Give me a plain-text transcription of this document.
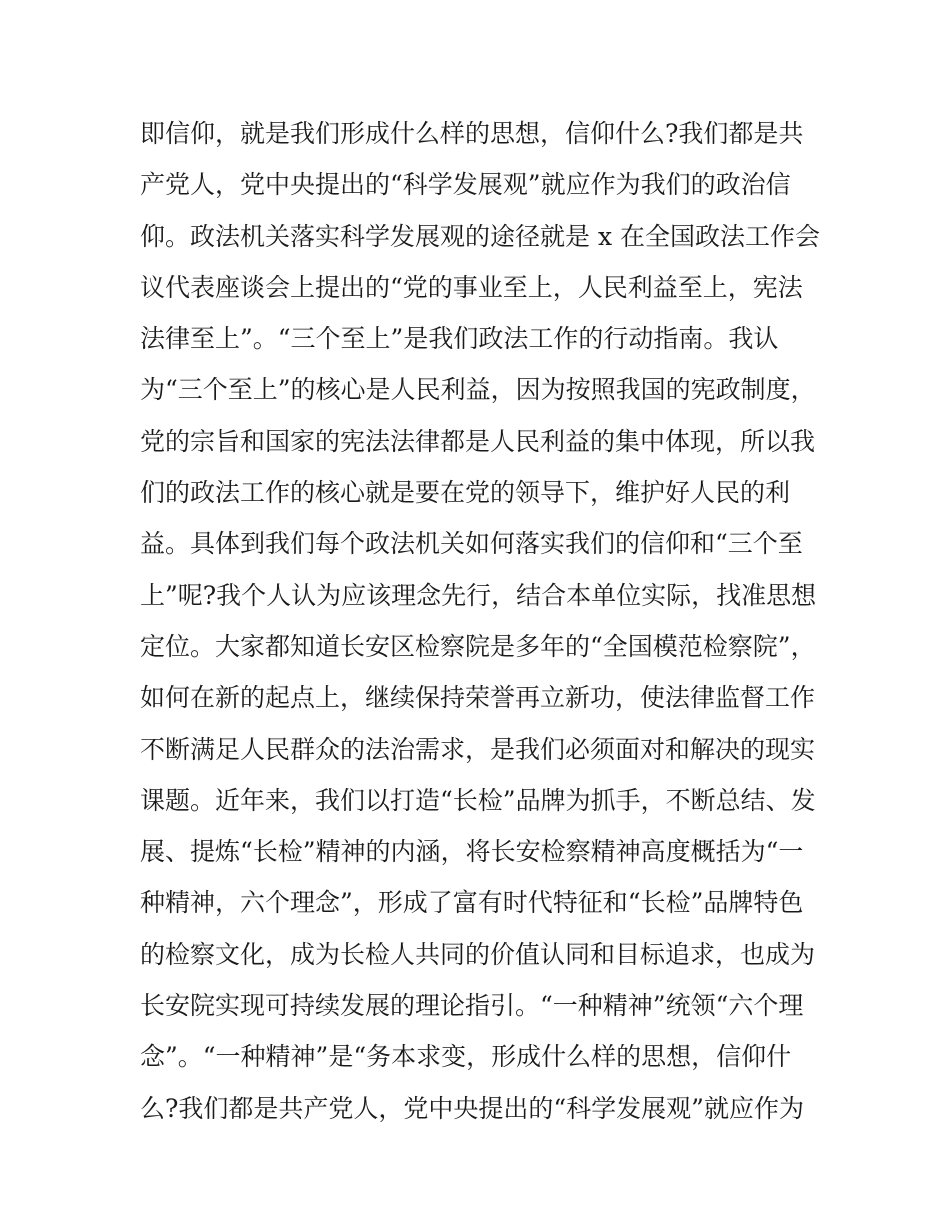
即信仰，就是我们形成什么样的思想，信仰什么?我们都是共
产党人，党中央提出的“科学发展观”就应作为我们的政治信
仰。政法机关落实科学发展观的途径就是 x 在全国政法工作会
议代表座谈会上提出的“党的事业至上，人民利益至上，宪法
法律至上”。“三个至上”是我们政法工作的行动指南。我认
为“三个至上”的核心是人民利益，因为按照我国的宪政制度，
党的宗旨和国家的宪法法律都是人民利益的集中体现，所以我
们的政法工作的核心就是要在党的领导下，维护好人民的利
益。具体到我们每个政法机关如何落实我们的信仰和“三个至
上”呢?我个人认为应该理念先行，结合本单位实际，找准思想
定位。大家都知道长安区检察院是多年的“全国模范检察院”，
如何在新的起点上，继续保持荣誉再立新功，使法律监督工作
不断满足人民群众的法治需求，是我们必须面对和解决的现实
课题。近年来，我们以打造“长检”品牌为抓手，不断总结、发
展、提炼“长检”精神的内涵，将长安检察精神高度概括为“一
种精神，六个理念”，形成了富有时代特征和“长检”品牌特色
的检察文化，成为长检人共同的价值认同和目标追求，也成为
长安院实现可持续发展的理论指引。“一种精神”统领“六个理
念”。“一种精神”是“务本求变，形成什么样的思想，信仰什
么?我们都是共产党人，党中央提出的“科学发展观”就应作为
